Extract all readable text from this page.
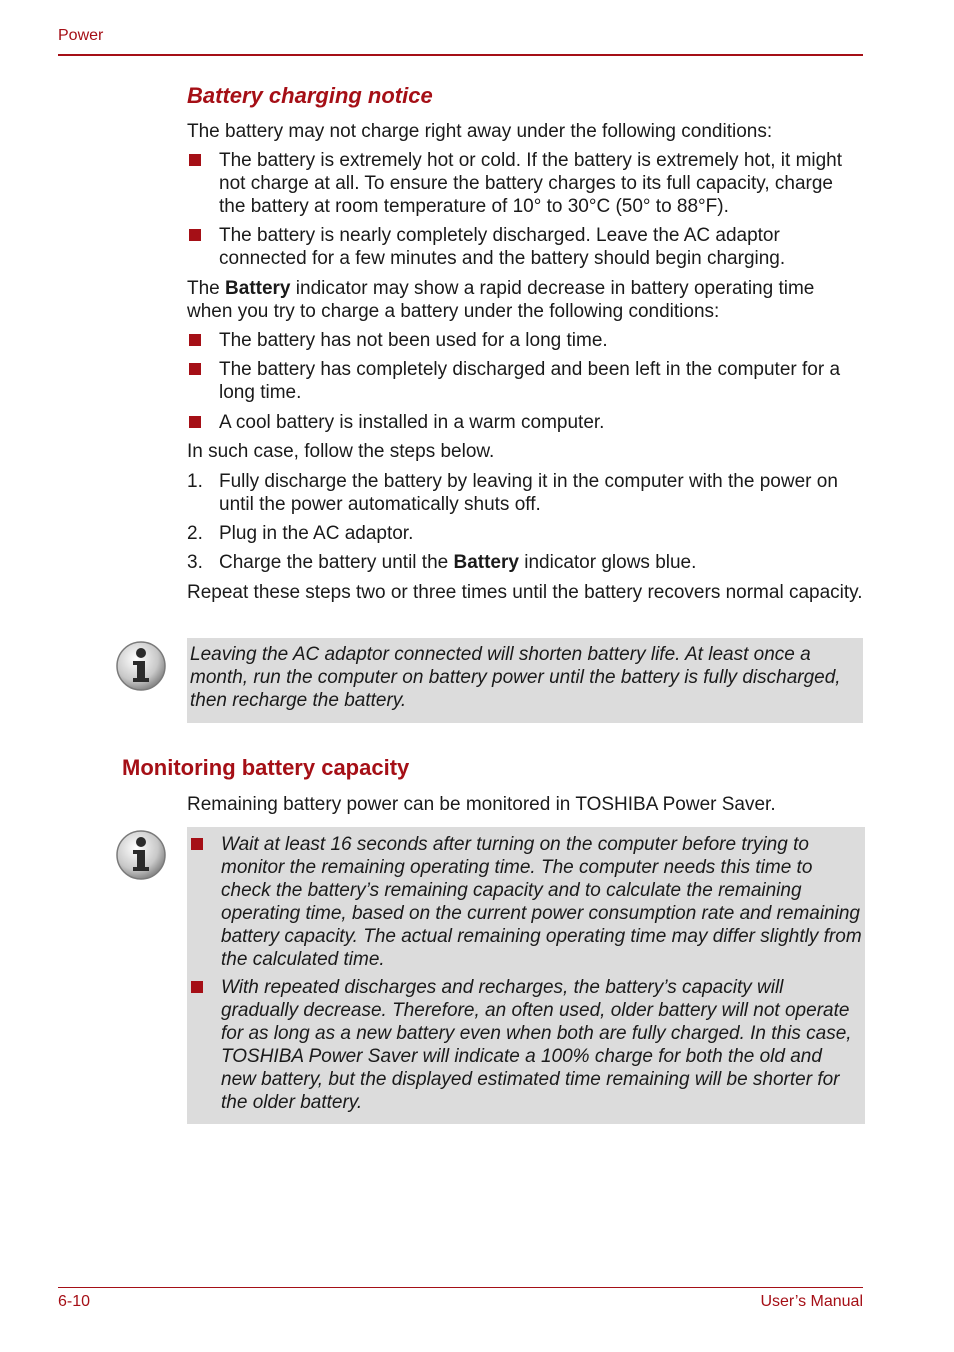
Power
Battery charging notice
The battery may not charge right away under the following conditions:
The battery is extremely hot or cold. If the battery is extremely hot, it might not charge at all. To ensure the battery charges to its full capacity, charge the battery at room temperature of 10° to 30°C (50° to 88°F).
The battery is nearly completely discharged. Leave the AC adaptor connected for a few minutes and the battery should begin charging.
The Battery indicator may show a rapid decrease in battery operating time when you try to charge a battery under the following conditions:
The battery has not been used for a long time.
The battery has completely discharged and been left in the computer for a long time.
A cool battery is installed in a warm computer.
In such case, follow the steps below.
1. Fully discharge the battery by leaving it in the computer with the power on until the power automatically shuts off.
2. Plug in the AC adaptor.
3. Charge the battery until the Battery indicator glows blue.
Repeat these steps two or three times until the battery recovers normal capacity.
Leaving the AC adaptor connected will shorten battery life. At least once a month, run the computer on battery power until the battery is fully discharged, then recharge the battery.
Monitoring battery capacity
Remaining battery power can be monitored in TOSHIBA Power Saver.
Wait at least 16 seconds after turning on the computer before trying to monitor the remaining operating time. The computer needs this time to check the battery’s remaining capacity and to calculate the remaining operating time, based on the current power consumption rate and remaining battery capacity. The actual remaining operating time may differ slightly from the calculated time.
With repeated discharges and recharges, the battery’s capacity will gradually decrease. Therefore, an often used, older battery will not operate for as long as a new battery even when both are fully charged. In this case, TOSHIBA Power Saver will indicate a 100% charge for both the old and new battery, but the displayed estimated time remaining will be shorter for the older battery.
6-10	User’s Manual
